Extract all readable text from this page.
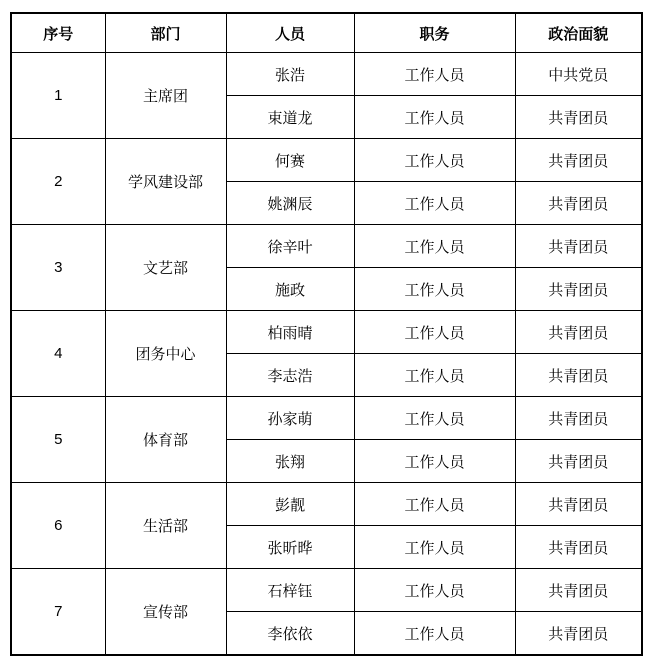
序号	部门	人员	职务	政治面貌
1	主席团	张浩	工作人员	中共党员
		束道龙	工作人员	共青团员
2	学风建设部	何赛	工作人员	共青团员
		姚渊辰	工作人员	共青团员
3	文艺部	徐辛叶	工作人员	共青团员
		施政	工作人员	共青团员
4	团务中心	柏雨晴	工作人员	共青团员
		李志浩	工作人员	共青团员
5	体育部	孙家萌	工作人员	共青团员
		张翔	工作人员	共青团员
6	生活部	彭靓	工作人员	共青团员
		张昕晔	工作人员	共青团员
7	宣传部	石梓钰	工作人员	共青团员
		李依依	工作人员	共青团员
